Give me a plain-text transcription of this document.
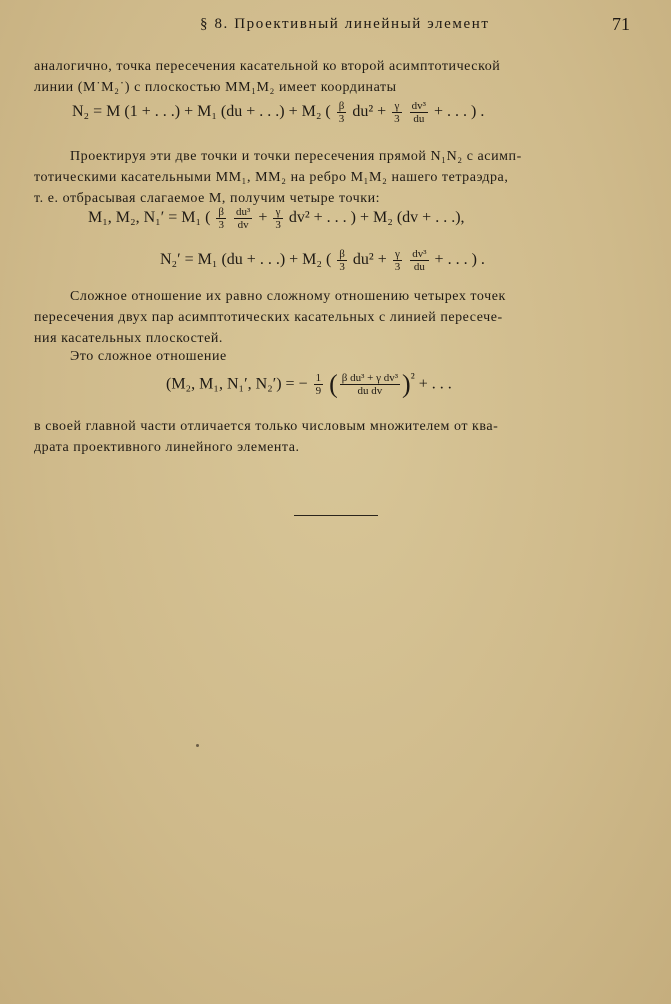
§ 8. Проективный линейный элемент	71
аналогично, точка пересечения касательной ко второй асимптотической
линии (M˙M₂˙) с плоскостью MM₁M₂ имеет координаты
N₂ = M (1 + . . .) + M₁ (du + . . .) + M₂ ( $\frac{\beta}{3} du^2 + \frac{\gamma}{3}$
$\frac{\text{dv³}}{du}$ + . . . ) .
Проектируя эти две точки и точки пересечения прямой N₁N₂ с асимп-
тотическими касательными MM₁, MM₂ на ребро M₁M₂ нашего тетраэдра,
т. е. отбрасывая слагаемое M, получим четыре точки:
M₁, M₂, N₁′ = M₁ ( $\frac{\beta}{3}$
$\frac{\text{du³}}{dv} + \frac{\gamma}{3} dv^2$ + . . . ) + M₂ (dv + . . .),
N₂′ = M₁ (du + . . .) + M₂ ( $\frac{\beta}{3} du^2 + \frac{\gamma}{3}$
$\frac{\text{dv³}}{du}$ + . . . ) .
Сложное отношение их равно сложному отношению четырех точек
пересечения двух пар асимптотических касательных с линией пересече-
ния касательных плоскостей.
Это сложное отношение
(M₂, M₁, N₁′, N₂′) = − $\frac{1}{9}$ ( $\frac{\text{β du³ + γ dv³}}{\text{du dv}} )^{^2}$ + . . .
в своей главной части отличается только числовым множителем от ква-
драта проективного линейного элемента.
